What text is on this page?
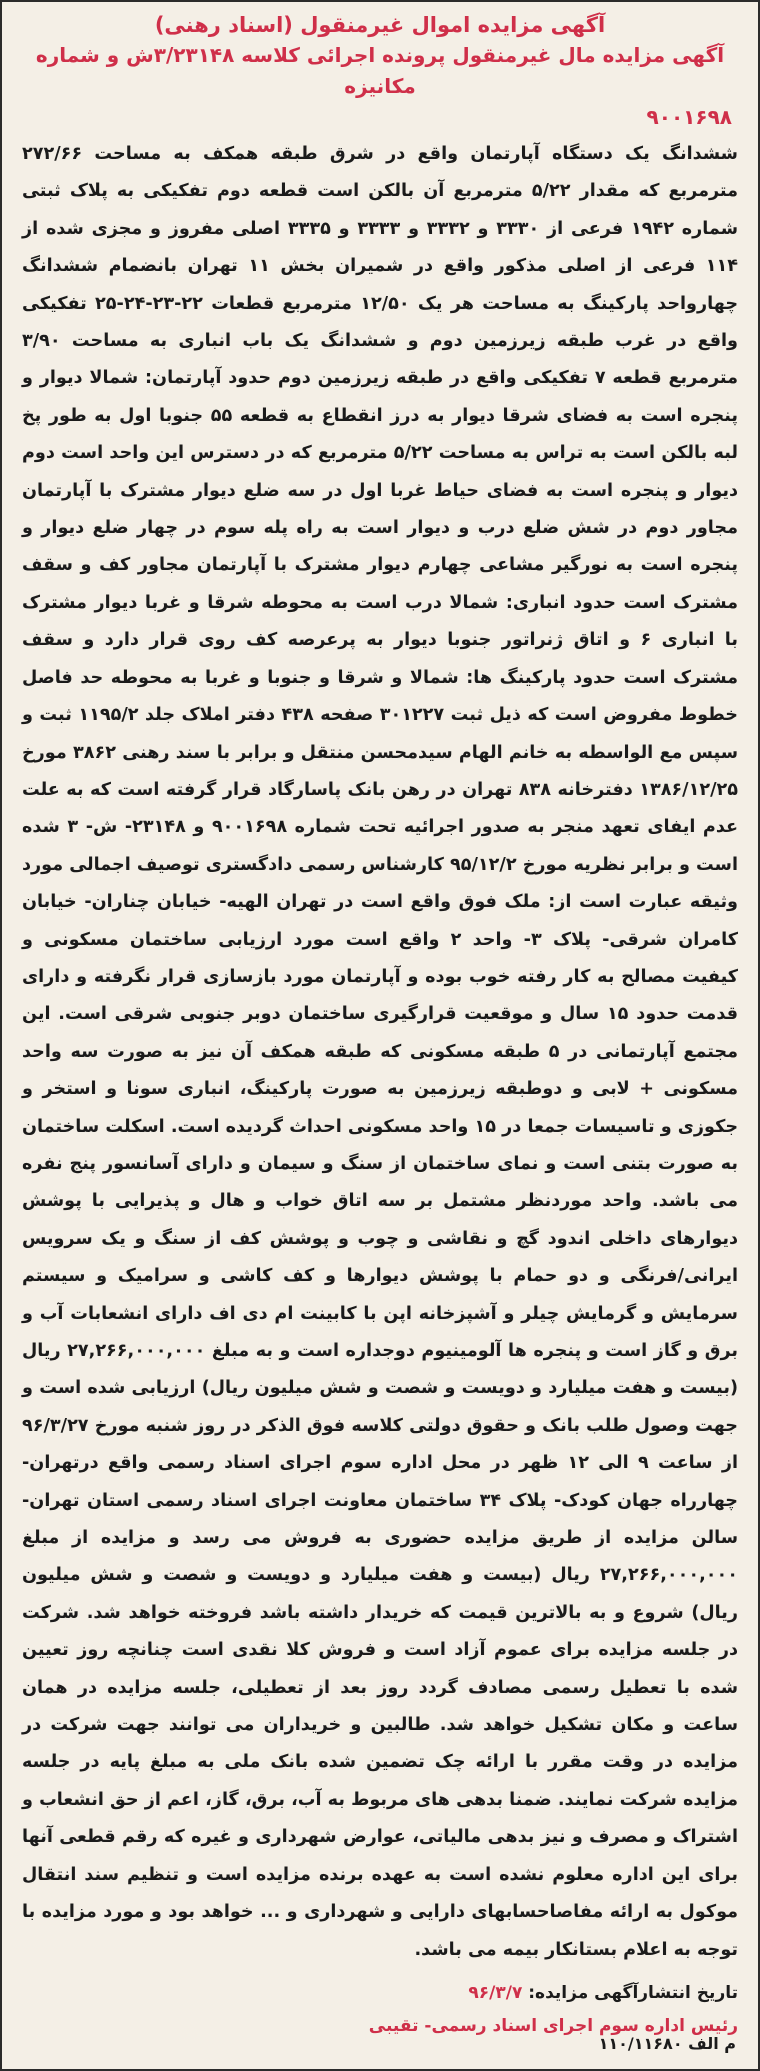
آگهی مزایده اموال غیرمنقول (اسناد رهنی)

آگهی مزایده مال غیرمنقول پرونده اجرائی کلاسه ۳/۲۳۱۴۸ش و شماره مکانیزه

۹۰۰۱۶۹۸

ششدانگ یک دستگاه آپارتمان واقع در شرق طبقه همکف به مساحت ۲۷۲/۶۶ مترمربع که مقدار ۵/۲۲ مترمربع آن بالکن است قطعه دوم تفکیکی به پلاک ثبتی شماره ۱۹۴۲ فرعی از ۳۳۳۰ و ۳۳۳۲ و ۳۳۳۳ و ۳۳۳۵ اصلی مفروز و مجزی شده از ۱۱۴ فرعی از اصلی مذکور واقع در شمیران بخش ۱۱ تهران بانضمام ششدانگ چهارواحد پارکینگ به مساحت هر یک ۱۲/۵۰ مترمربع قطعات ۲۲-۲۳-۲۴-۲۵ تفکیکی واقع در غرب طبقه زیرزمین دوم و ششدانگ یک باب انباری به مساحت ۳/۹۰ مترمربع قطعه ۷ تفکیکی واقع در طبقه زیرزمین دوم حدود آپارتمان: شمالا دیوار و پنجره است به فضای شرقا دیوار به درز انقطاع به قطعه ۵۵ جنوبا اول به طور پخ لبه بالکن است به تراس به مساحت ۵/۲۲ مترمربع که در دسترس این واحد است دوم دیوار و پنجره است به فضای حیاط غربا اول در سه ضلع دیوار مشترک با آپارتمان مجاور دوم در شش ضلع درب و دیوار است به راه پله سوم در چهار ضلع دیوار و پنجره است به نورگیر مشاعی چهارم دیوار مشترک با آپارتمان مجاور کف و سقف مشترک است حدود انباری: شمالا درب است به محوطه شرقا و غربا دیوار مشترک با انباری ۶ و اتاق ژنراتور جنوبا دیوار به پرعرصه کف روی قرار دارد و سقف مشترک است حدود پارکینگ ها: شمالا و شرقا و جنوبا و غربا به محوطه حد فاصل خطوط مفروض است که ذیل ثبت ۳۰۱۲۲۷ صفحه ۴۳۸ دفتر املاک جلد ۱۱۹۵/۲ ثبت و سپس مع الواسطه به خانم الهام سیدمحسن منتقل و برابر با سند رهنی ۳۸۶۲ مورخ ۱۳۸۶/۱۲/۲۵ دفترخانه ۸۳۸ تهران در رهن بانک پاسارگاد قرار گرفته است که به علت عدم ایفای تعهد منجر به صدور اجرائیه تحت شماره ۹۰۰۱۶۹۸ و ۲۳۱۴۸- ش- ۳ شده است و برابر نظریه مورخ ۹۵/۱۲/۲ کارشناس رسمی دادگستری توصیف اجمالی مورد وثیقه عبارت است از: ملک فوق واقع است در تهران الهیه- خیابان چناران- خیابان کامران شرقی- پلاک ۳- واحد ۲ واقع است مورد ارزیابی ساختمان مسکونی و کیفیت مصالح به کار رفته خوب بوده و آپارتمان مورد بازسازی قرار نگرفته و دارای قدمت حدود ۱۵ سال و موقعیت قرارگیری ساختمان دوبر جنوبی شرقی است. این مجتمع آپارتمانی در ۵ طبقه مسکونی که طبقه همکف آن نیز به صورت سه واحد مسکونی + لابی و دوطبقه زیرزمین به صورت پارکینگ، انباری سونا و استخر و جکوزی و تاسیسات جمعا در ۱۵ واحد مسکونی احداث گردیده است. اسکلت ساختمان به صورت بتنی است و نمای ساختمان از سنگ و سیمان و دارای آسانسور پنج نفره می باشد. واحد موردنظر مشتمل بر سه اتاق خواب و هال و پذیرایی با پوشش دیوارهای داخلی اندود گچ و نقاشی و چوب و پوشش کف از سنگ و یک سرویس ایرانی/فرنگی و دو حمام با پوشش دیوارها و کف کاشی و سرامیک و سیستم سرمایش و گرمایش چیلر و آشپزخانه اپن با کابینت ام دی اف دارای انشعابات آب و برق و گاز است و پنجره ها آلومینیوم دوجداره است و به مبلغ ۲۷,۲۶۶,۰۰۰,۰۰۰ ریال (بیست و هفت میلیارد و دویست و شصت و شش میلیون ریال) ارزیابی شده است و جهت وصول طلب بانک و حقوق دولتی کلاسه فوق الذکر در روز شنبه مورخ ۹۶/۳/۲۷ از ساعت ۹ الی ۱۲ ظهر در محل اداره سوم اجرای اسناد رسمی واقع درتهران- چهارراه جهان کودک- پلاک ۳۴ ساختمان معاونت اجرای اسناد رسمی استان تهران- سالن مزایده از طریق مزایده حضوری به فروش می رسد و مزایده از مبلغ ۲۷,۲۶۶,۰۰۰,۰۰۰ ریال (بیست و هفت میلیارد و دویست و شصت و شش میلیون ریال) شروع و به بالاترین قیمت که خریدار داشته باشد فروخته خواهد شد. شرکت در جلسه مزایده برای عموم آزاد است و فروش کلا نقدی است چنانچه روز تعیین شده با تعطیل رسمی مصادف گردد روز بعد از تعطیلی، جلسه مزایده در همان ساعت و مکان تشکیل خواهد شد. طالبین و خریداران می توانند جهت شرکت در مزایده در وقت مقرر با ارائه چک تضمین شده بانک ملی به مبلغ پایه در جلسه مزایده شرکت نمایند. ضمنا بدهی های مربوط به آب، برق، گاز، اعم از حق انشعاب و اشتراک و مصرف و نیز بدهی مالیاتی، عوارض شهرداری و غیره که رقم قطعی آنها برای این اداره معلوم نشده است به عهده برنده مزایده است و تنظیم سند انتقال موکول به ارائه مفاصاحسابهای دارایی و شهرداری و ... خواهد بود و مورد مزایده با توجه به اعلام بستانکار بیمه می باشد.

تاریخ انتشارآگهی مزایده: ۹۶/۳/۷

رئیس اداره سوم اجرای اسناد رسمی- تقیبی

م الف ۱۱۰/۱۱۶۸۰
